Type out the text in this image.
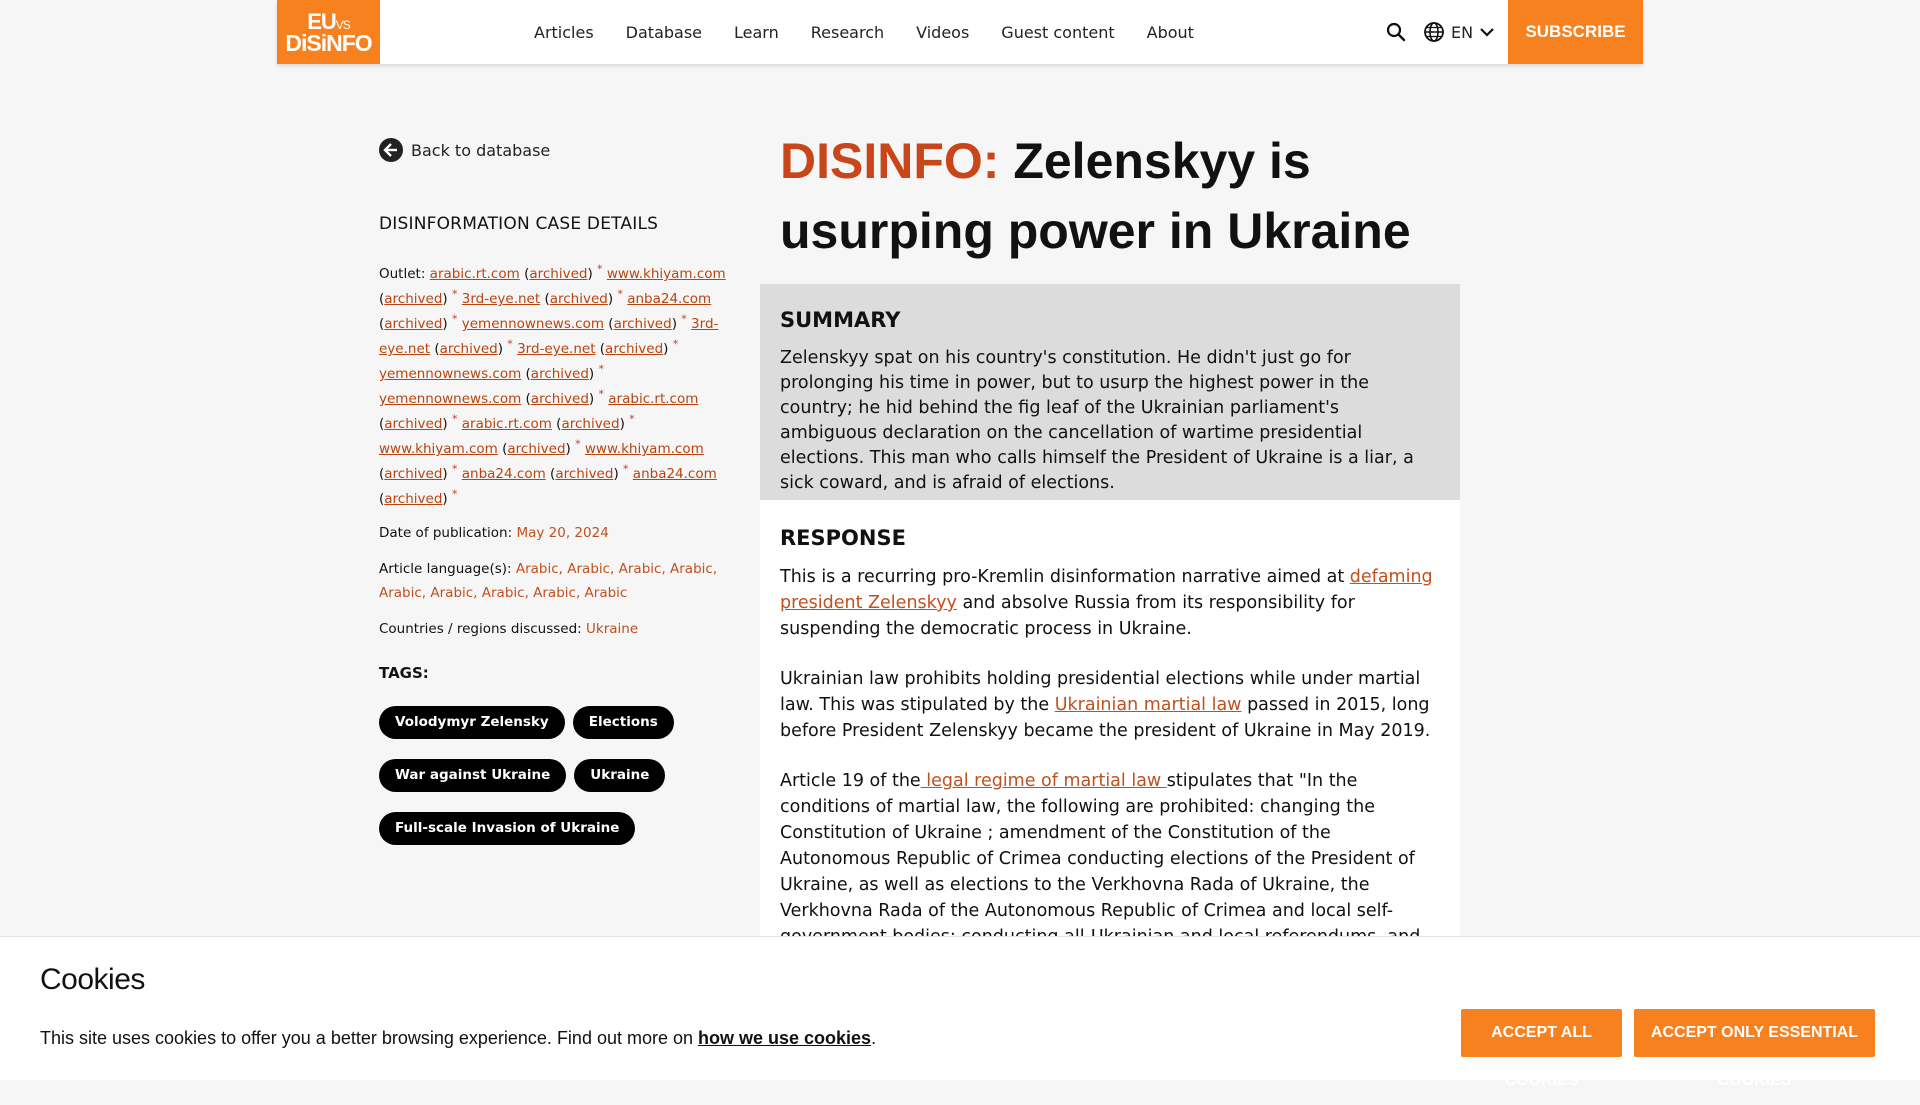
EUVS
DiSiNFO	Articles Database Learn Research Videos Guest content About	EN	SUBSCRIBE
Back to database
DISINFORMATION CASE DETAILS
Outlet: arabic.rt.com (archived) * www.khiyam.com (archived) * 3rd-eye.net (archived) * anba24.com (archived) * yemennownews.com (archived) * 3rd-eye.net (archived) * 3rd-eye.net (archived) * yemennownews.com (archived) * yemennownews.com (archived) * arabic.rt.com (archived) * arabic.rt.com (archived) * www.khiyam.com (archived) * www.khiyam.com (archived) * anba24.com (archived) * anba24.com (archived) *
Date of publication: May 20, 2024
Article language(s): Arabic, Arabic, Arabic, Arabic, Arabic, Arabic, Arabic, Arabic, Arabic
Countries / regions discussed: Ukraine
TAGS:
Volodymyr Zelensky	Elections
War against Ukraine	Ukraine
Full-scale Invasion of Ukraine
DISINFO: Zelenskyy is usurping power in Ukraine
SUMMARY

Zelenskyy spat on his country's constitution. He didn't just go for prolonging his time in power, but to usurp the highest power in the country; he hid behind the fig leaf of the Ukrainian parliament's ambiguous declaration on the cancellation of wartime presidential elections. This man who calls himself the President of Ukraine is a liar, a sick coward, and is afraid of elections.

RESPONSE

This is a recurring pro-Kremlin disinformation narrative aimed at defaming president Zelenskyy and absolve Russia from its responsibility for suspending the democratic process in Ukraine.

Ukrainian law prohibits holding presidential elections while under martial law. This was stipulated by the Ukrainian martial law passed in 2015, long before President Zelenskyy became the president of Ukraine in May 2019.

Article 19 of the legal regime of martial law stipulates that "In the conditions of martial law, the following are prohibited: changing the Constitution of Ukraine ; amendment of the Constitution of the Autonomous Republic of Crimea conducting elections of the President of Ukraine, as well as elections to the Verkhovna Rada of Ukraine, the Verkhovna Rada of the Autonomous Republic of Crimea and local self-

Cookies
This site uses cookies to offer you a better browsing experience. Find out more on how we use cookies.	ACCEPT ALL COOKIES
ACCEPT ONLY ESSENTIAL COOKIES
